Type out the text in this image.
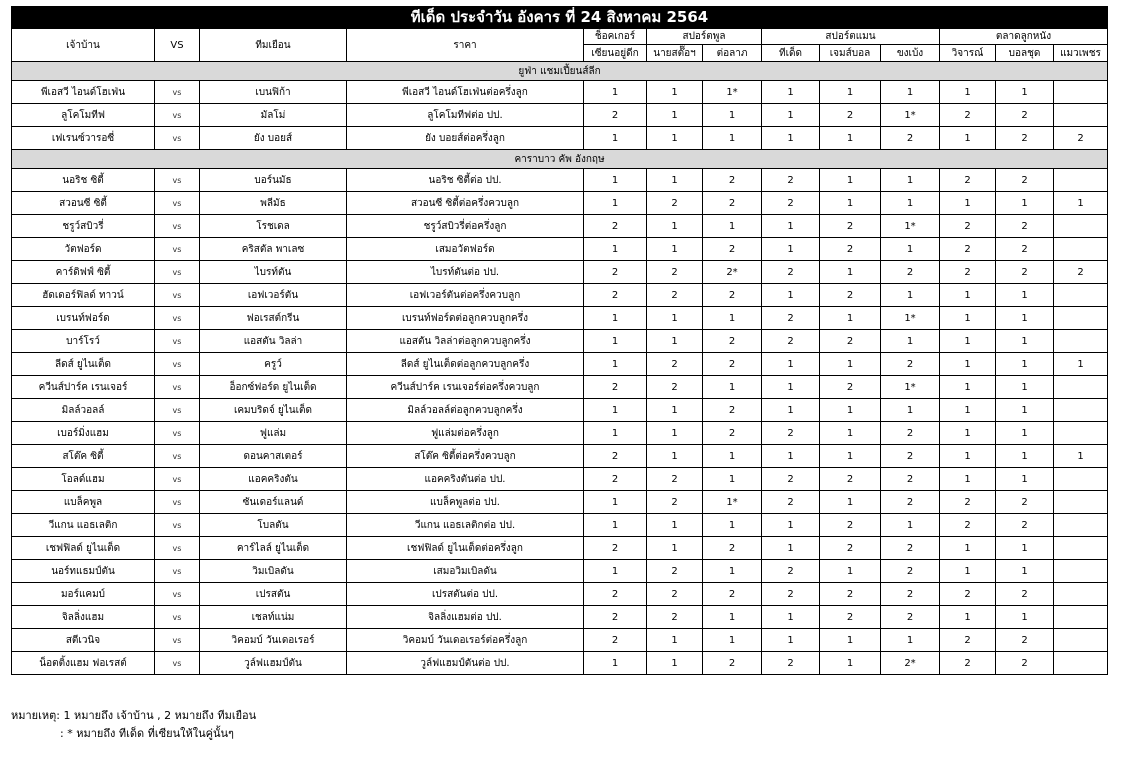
ทีเด็ด ประจำวัน อังคาร ที่ 24 สิงหาคม 2564												
เจ้าบ้าน	VS	ทีมเยือน	ราคา	ช็อคเกอร์	สปอร์ตพูล		สปอร์ตแมน			ตลาดลูกหนัง		
				เซียนอยู่ดีก	นายสต๊๊อฯ	ต่อลาภ	ทีเด็ด	เจมส์บอล	ขงเบ้ง	วิจารณ์	บอลชุด	แมวเพชร
ยูฟ่า แชมเปี้ยนส์ลีก												
พีเอสวี ไอนด์โฮเฟ่น	vs	เบนฟิก้า	พีเอสวี ไอนด์โฮเฟ่นต่อครึ่งลูก	1	1	1*	1	1	1	1	1	
ลูโคโมทีฟ	vs	มัลโม่	ลูโคโมทีฟต่อ ปป.	2	1	1	1	2	1*	2	2	
เฟเรนซ์วารอซี่	vs	ยัง บอยส์	ยัง บอยส์ต่อครึ่งลูก	1	1	1	1	1	2	1	2	2
คาราบาว คัพ อังกฤษ												
นอริช ซิตี้	vs	บอร์นมัธ	นอริช ซิตี้ต่อ ปป.	1	1	2	2	1	1	2	2	
สวอนซี ซิตี้	vs	พลีมัธ	สวอนซี ซิตี้ต่อครึ่งควบลูก	1	2	2	2	1	1	1	1	1
ชรูว์สบิวรี่	vs	โรชเดล	ชรูว์สบิวรี่ต่อครึ่งลูก	2	1	1	1	2	1*	2	2	
วัตฟอร์ด	vs	คริสตัล พาเลซ	เสมอวัตฟอร์ด	1	1	2	1	2	1	2	2	
คาร์ดิฟฟ์ ซิตี้	vs	ไบรท์ตัน	ไบรท์ตันต่อ ปป.	2	2	2*	2	1	2	2	2	2
ฮัดเดอร์ฟิลด์ ทาวน์	vs	เอฟเวอร์ตัน	เอฟเวอร์ตันต่อครึ่งควบลูก	2	2	2	1	2	1	1	1	
เบรนท์ฟอร์ด	vs	ฟอเรสต์กรีน	เบรนท์ฟอร์ดต่อลูกควบลูกครึ่ง	1	1	1	2	1	1*	1	1	
บาร์โรว์	vs	แอสตัน วิลล่า	แอสตัน วิลล่าต่อลูกควบลูกครึ่ง	1	1	2	2	2	1	1	1	
ลีดส์ ยูไนเต็ด	vs	ครูว์	ลีดส์ ยูไนเต็ดต่อลูกควบลูกครึ่ง	1	2	2	1	1	2	1	1	1
ควีนส์ปาร์ค เรนเจอร์	vs	อ็อกซ์ฟอร์ด ยูไนเต็ด	ควีนส์ปาร์ค เรนเจอร์ต่อครึ่งควบลูก	2	2	1	1	2	1*	1	1	
มิลล์วอลล์	vs	เคมบริดจ์ ยูไนเต็ด	มิลล์วอลล์ต่อลูกควบลูกครึ่ง	1	1	2	1	1	1	1	1	
เบอร์มิ่งแฮม	vs	ฟูแล่ม	ฟูแล่มต่อครึ่งลูก	1	1	2	2	1	2	1	1	
สโต๊ค ซิตี้	vs	ดอนคาสเตอร์	สโต๊ค ซิตี้ต่อครึ่งควบลูก	2	1	1	1	1	2	1	1	1
โอลด์แฮม	vs	แอคคริงตัน	แอคคริงตันต่อ ปป.	2	2	1	2	2	2	1	1	
แบล็คพูล	vs	ซันเดอร์แลนด์	แบล็คพูลต่อ ปป.	1	2	1*	2	1	2	2	2	
วีแกน แอธเลติก	vs	โบลตัน	วีแกน แอธเลติกต่อ ปป.	1	1	1	1	2	1	2	2	
เชฟฟิลด์ ยูไนเต็ด	vs	คาร์ไลล์ ยูไนเต็ด	เชฟฟิลด์ ยูไนเต็ดต่อครึ่งลูก	2	1	2	1	2	2	1	1	
นอร์ทแธมป์ตัน	vs	วิมเบิลดัน	เสมอวิมเบิลดัน	1	2	1	2	1	2	1	1	
มอร์แคมบ์	vs	เปรสตัน	เปรสตันต่อ ปป.	2	2	2	2	2	2	2	2	
จิลลิ่งแฮม	vs	เชลท์แน่ม	จิลลิ่งแฮมต่อ ปป.	2	2	1	1	2	2	1	1	
สตีเวนิจ	vs	วิคอมบ์ วันเดอเรอร์	วิคอมบ์ วันเดอเรอร์ต่อครึ่งลูก	2	1	1	1	1	1	2	2	
น็อตติ้งแฮม ฟอเรสต์	vs	วูล์ฟแฮมป์ตัน	วูล์ฟแฮมป์ตันต่อ ปป.	1	1	2	2	1	2*	2	2	
หมายเหตุ: 1 หมายถึง เจ้าบ้าน , 2 หมายถึง ทีมเยือน
: * หมายถึง ทีเด็ด ที่เซียนให้ในคู่นั้นๆ
